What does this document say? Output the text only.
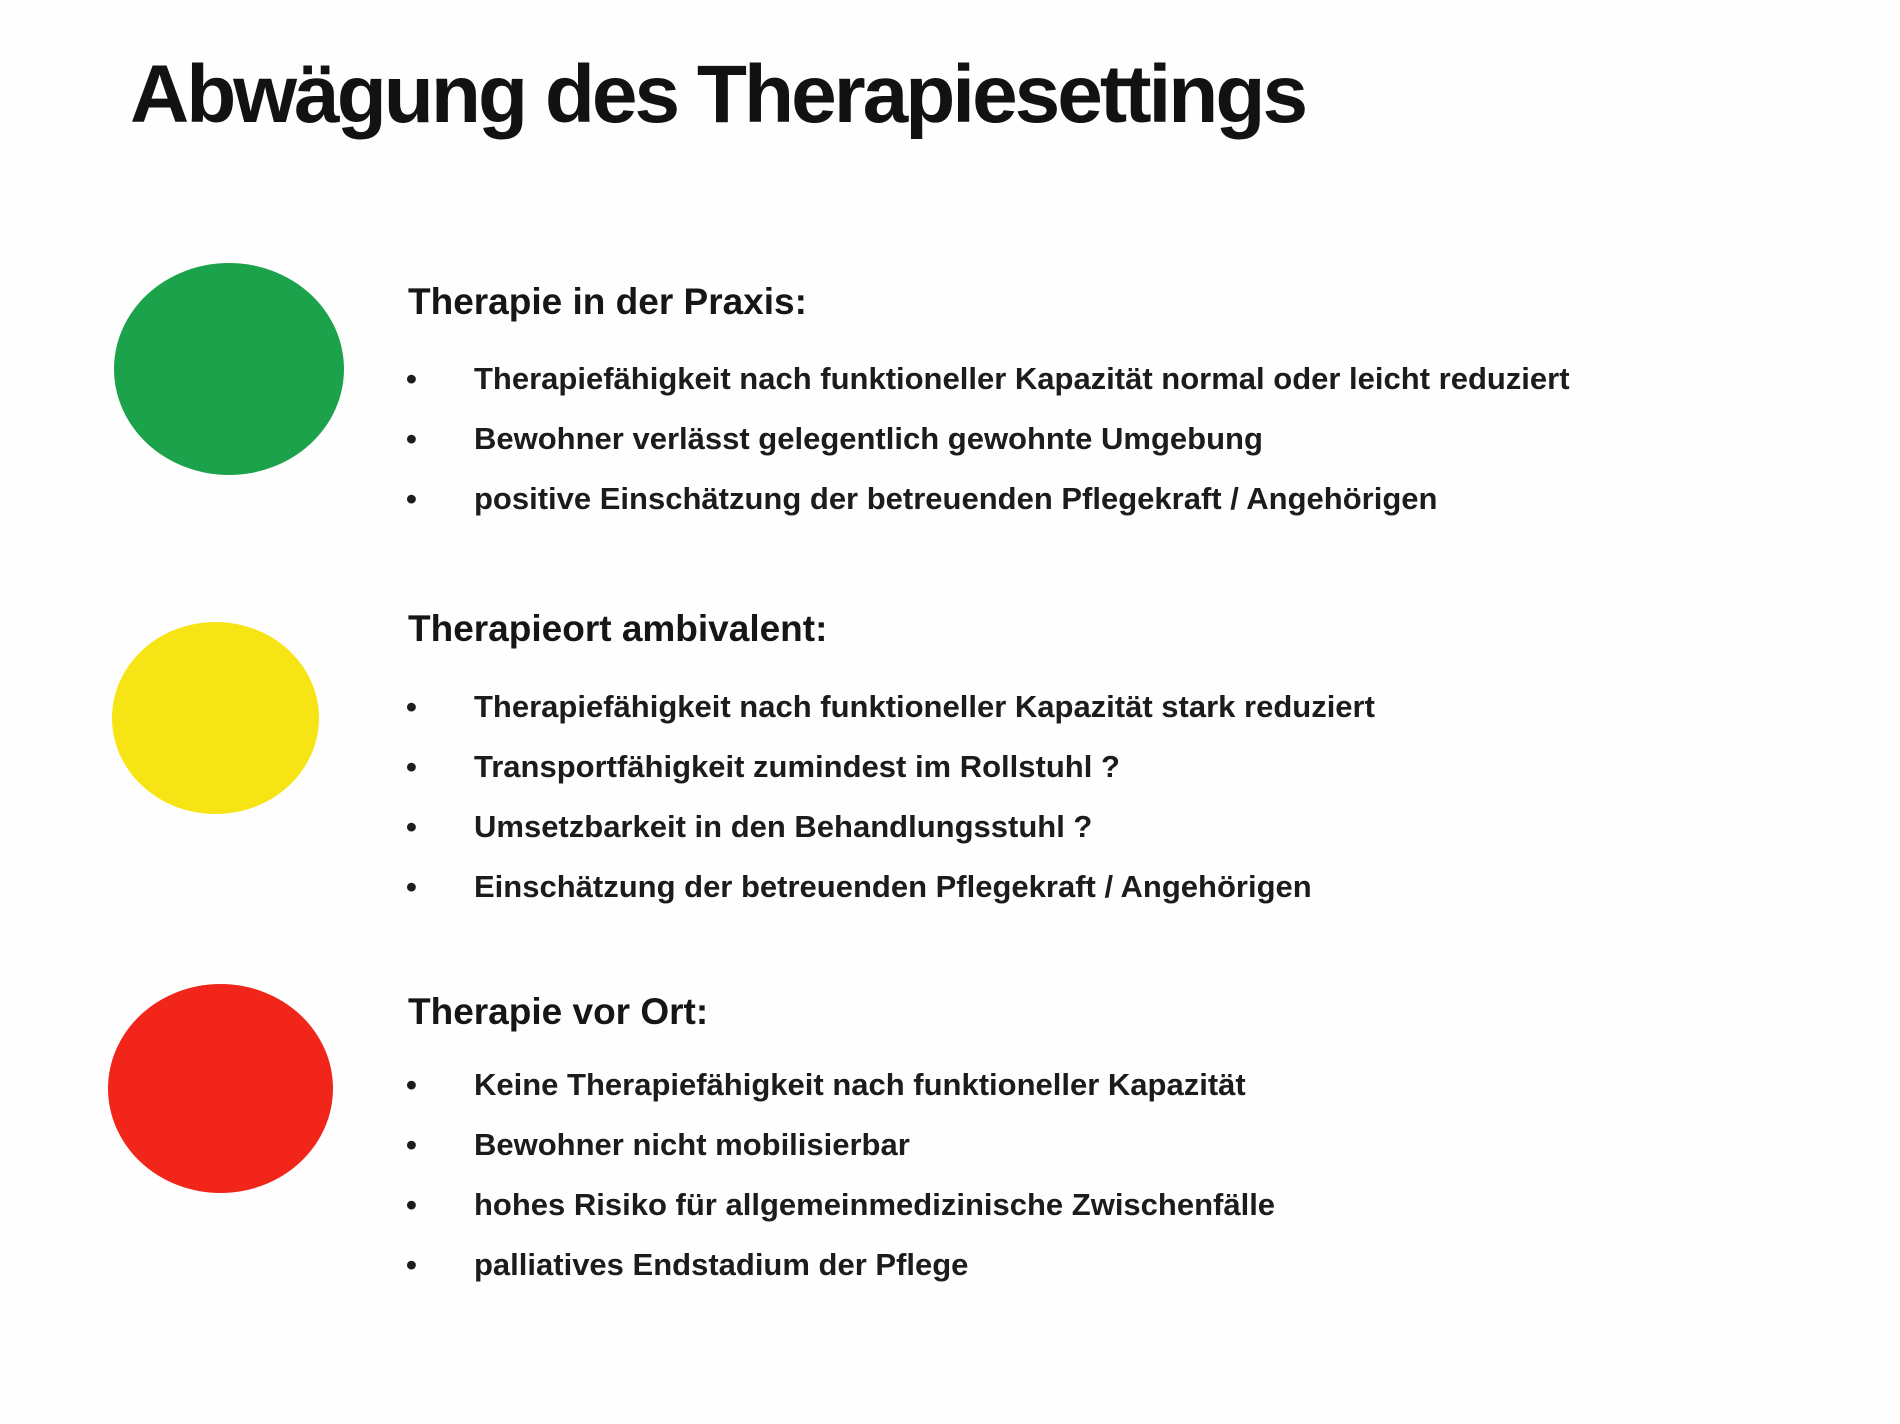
Abwägung des Therapiesettings
Therapie in der Praxis:
• Therapiefähigkeit nach funktioneller Kapazität normal oder leicht reduziert
• Bewohner verlässt gelegentlich gewohnte Umgebung
• positive Einschätzung der betreuenden Pflegekraft / Angehörigen
Therapieort ambivalent:
• Therapiefähigkeit nach funktioneller Kapazität stark reduziert
• Transportfähigkeit zumindest im Rollstuhl ?
• Umsetzbarkeit in den Behandlungsstuhl ?
• Einschätzung der betreuenden Pflegekraft / Angehörigen
Therapie vor Ort:
• Keine Therapiefähigkeit nach funktioneller Kapazität
• Bewohner nicht mobilisierbar
• hohes Risiko für allgemeinmedizinische Zwischenfälle
• palliatives Endstadium der Pflege
